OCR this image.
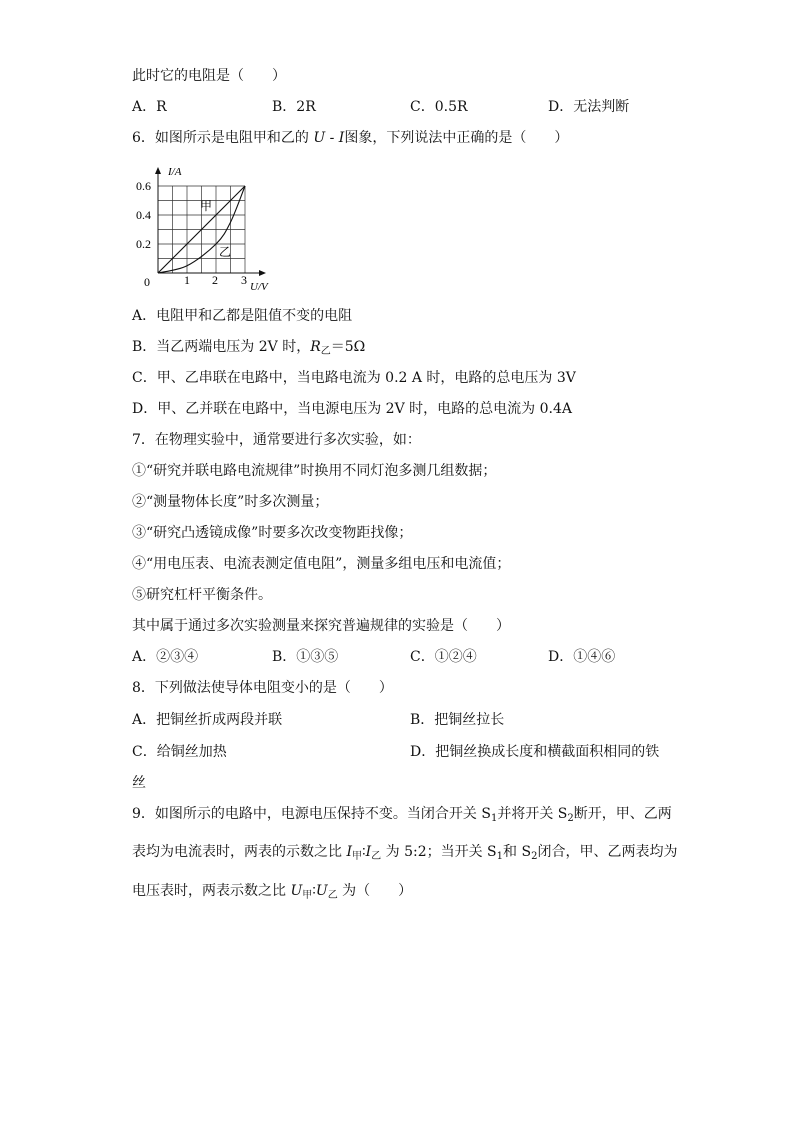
此时它的电阻是（　　）
A．R	B．2R	C．0.5R	D．无法判断
6．如图所示是电阻甲和乙的 U - I图象，下列说法中正确的是（　　）
I/A
U/V
0
0.6
0.4
0.2
1 2 3
甲
乙
A．电阻甲和乙都是阻值不变的电阻
B．当乙两端电压为 2V 时，$R_乙=5\Omega$
C．甲、乙串联在电路中，当电路电流为 0.2 A 时，电路的总电压为 3V
D．甲、乙并联在电路中，当电源电压为 2V 时，电路的总电流为 0.4A
7．在物理实验中，通常要进行多次实验，如：
①“研究并联电路电流规律”时换用不同灯泡多测几组数据；
②“测量物体长度”时多次测量；
③“研究凸透镜成像”时要多次改变物距找像；
④“用电压表、电流表测定值电阻”，测量多组电压和电流值；
⑤研究杠杆平衡条件。
其中属于通过多次实验测量来探究普遍规律的实验是（　　）
A．②③④	B．①③⑤	C．①②④	D．①④⑥
8．下列做法使导体电阻变小的是（　　）
A．把铜丝折成两段并联	B．把铜丝拉长
C．给铜丝加热	D．把铜丝换成长度和横截面积相同的铁
丝
9．如图所示的电路中，电源电压保持不变。当闭合开关 $S_1$并将开关 $S_2$断开，甲、乙两
表均为电流表时，两表的示数之比 $I_甲∶I_乙$ 为 5:2；当开关 $S_1$和 $S_2$闭合，甲、乙两表均为
电压表时，两表示数之比 $U_甲∶U_乙$ 为（　　）
